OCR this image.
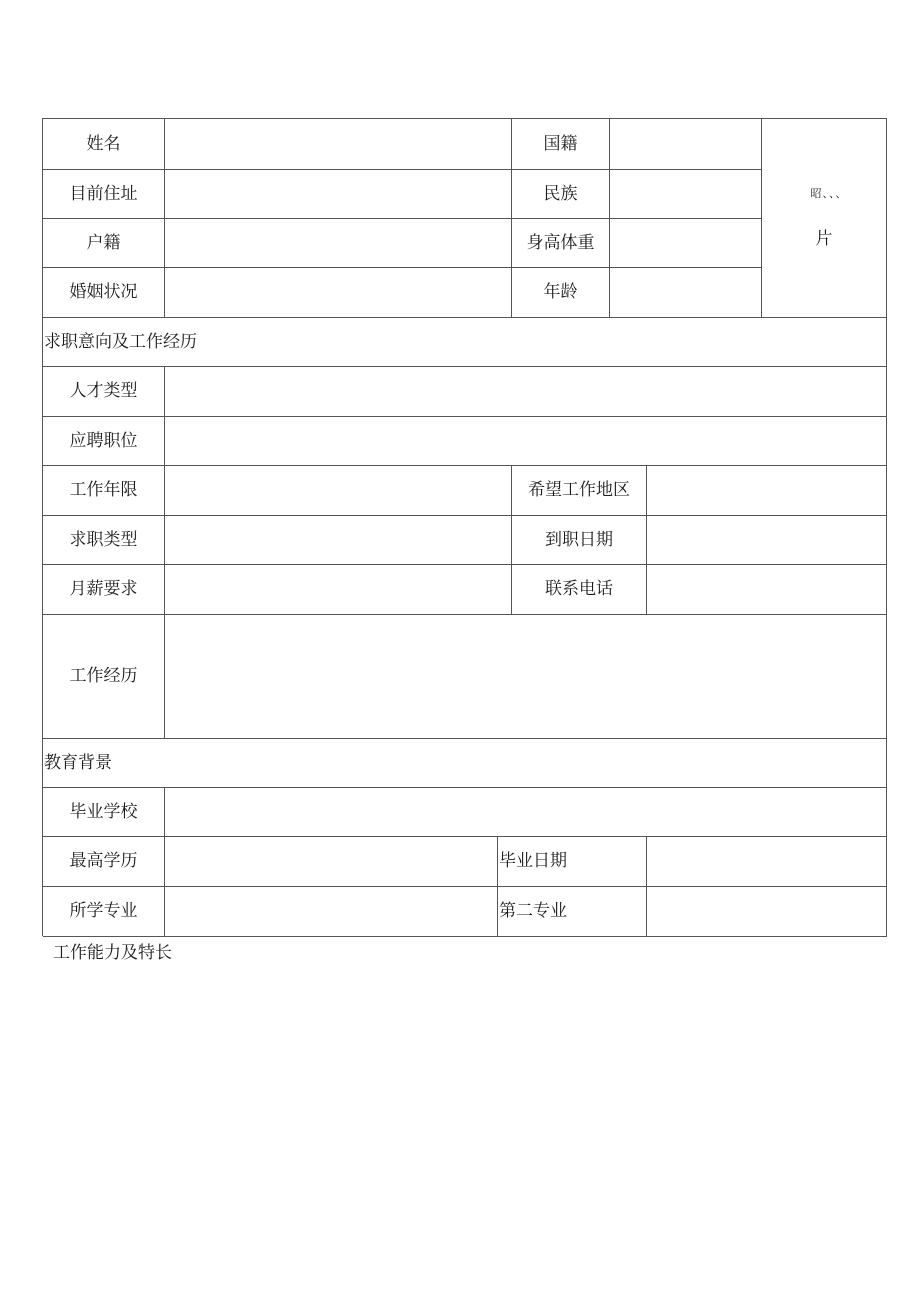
姓名	国籍
昭、、、
片
目前住址	民族
户籍	身高体重
婚姻状况	年龄
求职意向及工作经历
人才类型
应聘职位
工作年限	希望工作地区
求职类型	到职日期
月薪要求	联系电话
工作经历
教育背景
毕业学校
最高学历	毕业日期
所学专业	第二专业
工作能力及特长
